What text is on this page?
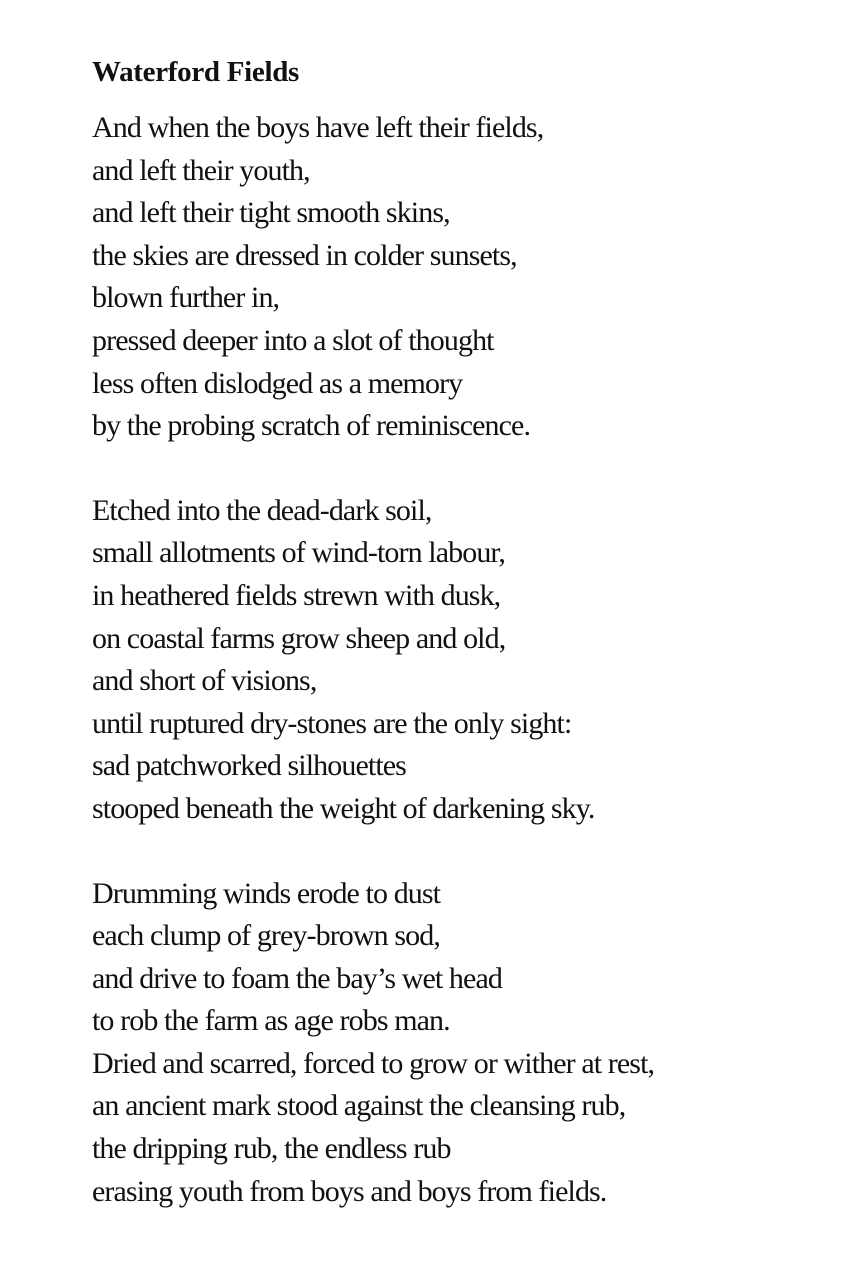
Waterford Fields
And when the boys have left their fields,
and left their youth,
and left their tight smooth skins,
the skies are dressed in colder sunsets,
blown further in,
pressed deeper into a slot of thought
less often dislodged as a memory
by the probing scratch of reminiscence.
Etched into the dead-dark soil,
small allotments of wind-torn labour,
in heathered fields strewn with dusk,
on coastal farms grow sheep and old,
and short of visions,
until ruptured dry-stones are the only sight:
sad patchworked silhouettes
stooped beneath the weight of darkening sky.
Drumming winds erode to dust
each clump of grey-brown sod,
and drive to foam the bay’s wet head
to rob the farm as age robs man.
Dried and scarred, forced to grow or wither at rest,
an ancient mark stood against the cleansing rub,
the dripping rub, the endless rub
erasing youth from boys and boys from fields.
